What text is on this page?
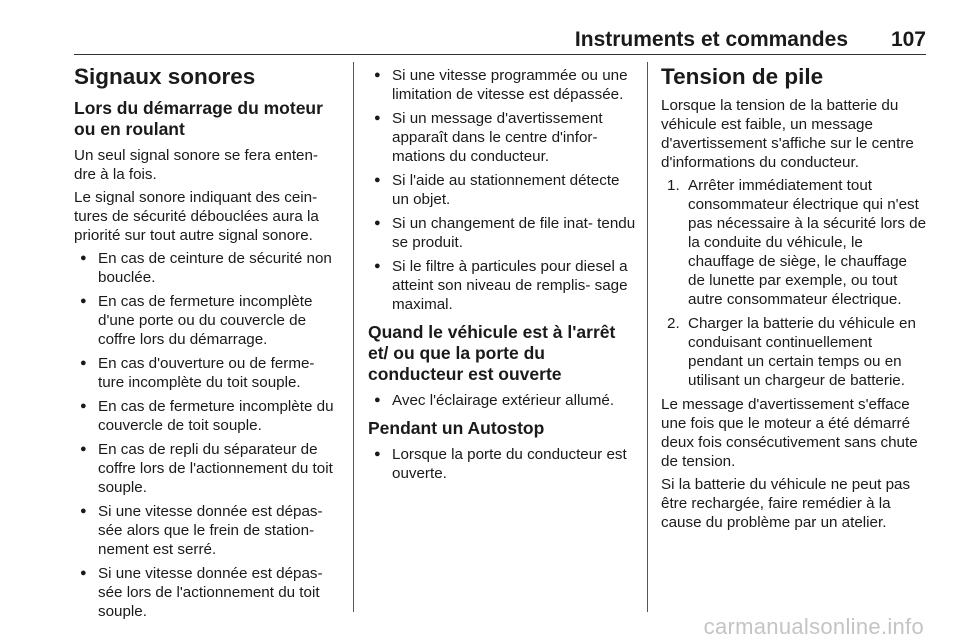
Instruments et commandes 107
Signaux sonores
Lors du démarrage du moteur ou en roulant

Un seul signal sonore se fera enten- dre à la fois.

Le signal sonore indiquant des cein- tures de sécurité débouclées aura la priorité sur tout autre signal sonore.

● En cas de ceinture de sécurité non bouclée.
● En cas de fermeture incomplète d'une porte ou du couvercle de coffre lors du démarrage.
● En cas d'ouverture ou de ferme- ture incomplète du toit souple.
● En cas de fermeture incomplète du couvercle de toit souple.
● En cas de repli du séparateur de coffre lors de l'actionnement du toit souple.
● Si une vitesse donnée est dépas- sée alors que le frein de station- nement est serré.
● Si une vitesse donnée est dépas- sée lors de l'actionnement du toit souple.
● Si une vitesse programmée ou une limitation de vitesse est dépassée.
● Si un message d'avertissement apparaît dans le centre d'infor- mations du conducteur.
● Si l'aide au stationnement détecte un objet.
● Si un changement de file inat- tendu se produit.
● Si le filtre à particules pour diesel a atteint son niveau de remplis- sage maximal.
Quand le véhicule est à l'arrêt et/ ou que la porte du conducteur est ouverte
● Avec l'éclairage extérieur allumé.
Pendant un Autostop
● Lorsque la porte du conducteur est ouverte.
Tension de pile

Lorsque la tension de la batterie du véhicule est faible, un message d'avertissement s'affiche sur le centre d'informations du conducteur.

1. Arrêter immédiatement tout consommateur électrique qui n'est pas nécessaire à la sécurité lors de la conduite du véhicule, le chauffage de siège, le chauffage de lunette par exemple, ou tout autre consommateur électrique.
2. Charger la batterie du véhicule en conduisant continuellement pendant un certain temps ou en utilisant un chargeur de batterie.

Le message d'avertissement s'efface une fois que le moteur a été démarré deux fois consécutivement sans chute de tension.

Si la batterie du véhicule ne peut pas être rechargée, faire remédier à la cause du problème par un atelier.

carmanualsonline.info
